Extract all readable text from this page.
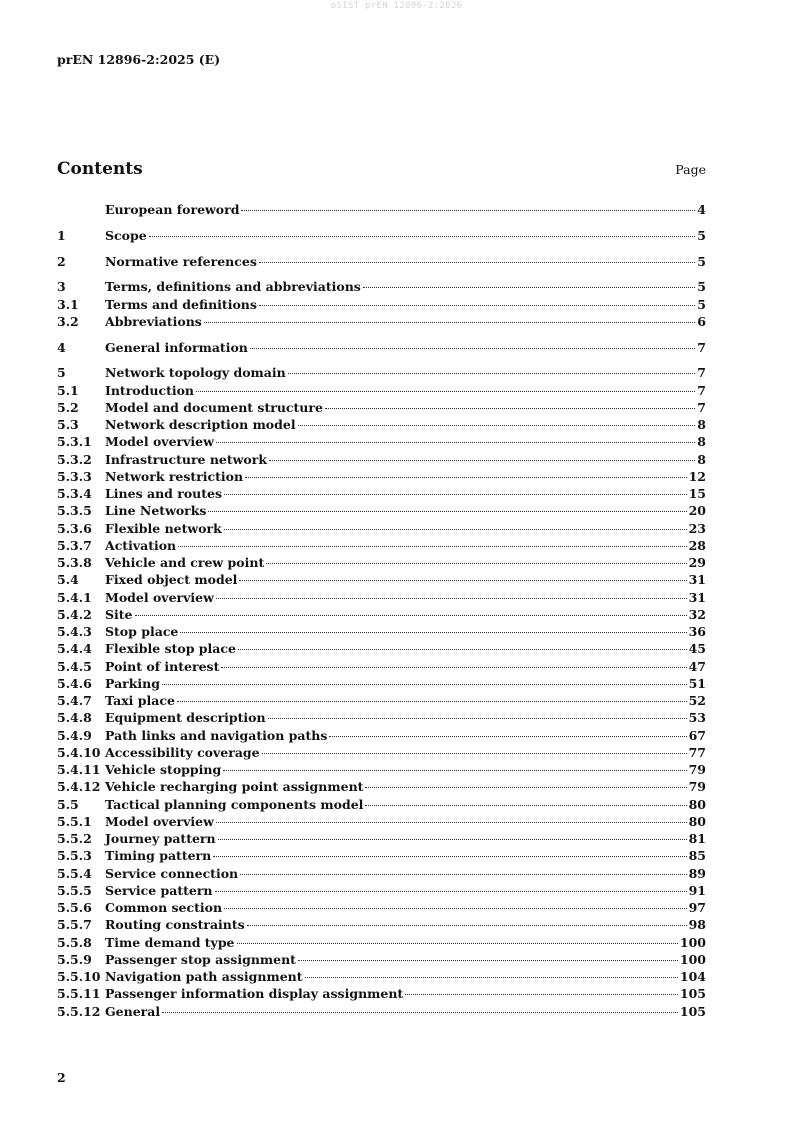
oSIST prEN 12896-2:2026
prEN 12896-2:2025 (E)
Contents	Page
European foreword	4
1	Scope	5
2	Normative references	5
3	Terms, definitions and abbreviations	5
3.1	Terms and definitions	5
3.2	Abbreviations	6
4	General information	7
5	Network topology domain	7
5.1	Introduction	7
5.2	Model and document structure	7
5.3	Network description model	8
5.3.1	Model overview	8
5.3.2	Infrastructure network	8
5.3.3	Network restriction	12
5.3.4	Lines and routes	15
5.3.5	Line Networks	20
5.3.6	Flexible network	23
5.3.7	Activation	28
5.3.8	Vehicle and crew point	29
5.4	Fixed object model	31
5.4.1	Model overview	31
5.4.2	Site	32
5.4.3	Stop place	36
5.4.4	Flexible stop place	45
5.4.5	Point of interest	47
5.4.6	Parking	51
5.4.7	Taxi place	52
5.4.8	Equipment description	53
5.4.9	Path links and navigation paths	67
5.4.10 Accessibility coverage	77
5.4.11 Vehicle stopping	79
5.4.12 Vehicle recharging point assignment	79
5.5	Tactical planning components model	80
5.5.1	Model overview	80
5.5.2	Journey pattern	81
5.5.3	Timing pattern	85
5.5.4	Service connection	89
5.5.5	Service pattern	91
5.5.6	Common section	97
5.5.7	Routing constraints	98
5.5.8	Time demand type	100
5.5.9	Passenger stop assignment	100
5.5.10 Navigation path assignment	104
5.5.11 Passenger information display assignment	105
5.5.12 General	105
2
